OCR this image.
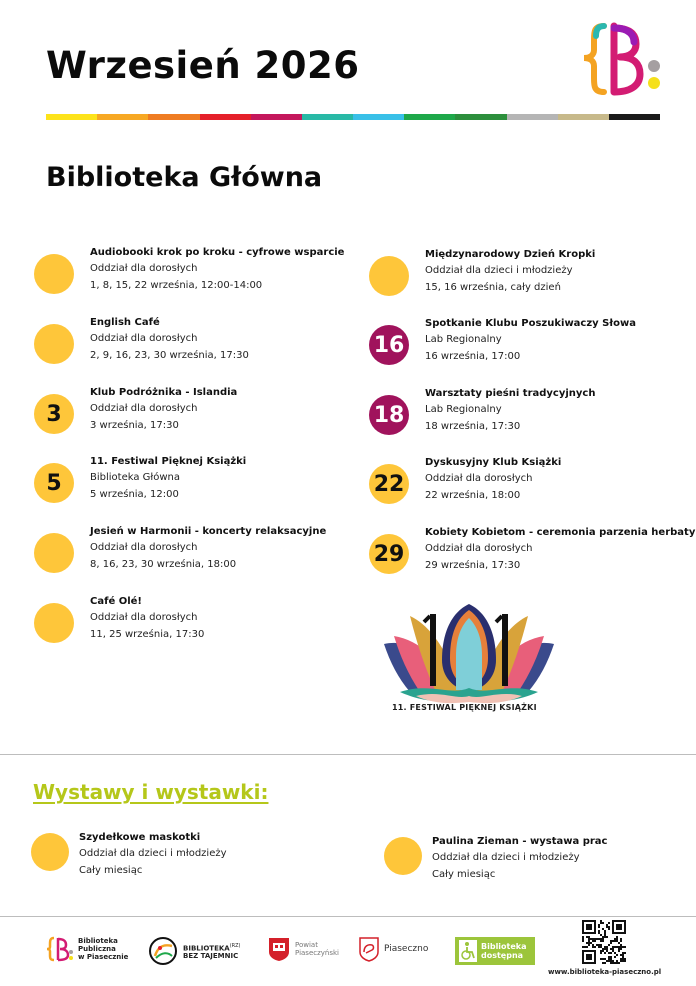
Wrzesień 2026
Biblioteka Główna
Audiobooki krok po kroku - cyfrowe wsparcie
Oddział dla dorosłych
1, 8, 15, 22 września, 12:00-14:00
English Café
Oddział dla dorosłych
2, 9, 16, 23, 30 września, 17:30
3
Klub Podróżnika - Islandia
Oddział dla dorosłych
3 września, 17:30
5
11. Festiwal Pięknej Książki
Biblioteka Główna
5 września, 12:00
Jesień w Harmonii - koncerty relaksacyjne
Oddział dla dorosłych
8, 16, 23, 30 września, 18:00
Café Olé!
Oddział dla dorosłych
11, 25 września, 17:30
Międzynarodowy Dzień Kropki
Oddział dla dzieci i młodzieży
15, 16 września, cały dzień
16
Spotkanie Klubu Poszukiwaczy Słowa
Lab Regionalny
16 września, 17:00
18
Warsztaty pieśni tradycyjnych
Lab Regionalny
18 września, 17:30
22
Dyskusyjny Klub Książki
Oddział dla dorosłych
22 września, 18:00
29
Kobiety Kobietom - ceremonia parzenia herbaty
Oddział dla dorosłych
29 września, 17:30
11. FESTIWAL PIĘKNEJ KSIĄŻKI
Wystawy i wystawki:
Szydełkowe maskotki
Oddział dla dzieci i młodzieży
Cały miesiąc
Paulina Zieman - wystawa prac
Oddział dla dzieci i młodzieży
Cały miesiąc
Biblioteka
Publiczna
w Piasecznie
$BIBLIOTEKA^{(RZ)}$
BEZ TAJEMNIC
Powiat
Piaseczyński	Piaseczno	Biblioteka
dostępna
www.biblioteka-piaseczno.pl
